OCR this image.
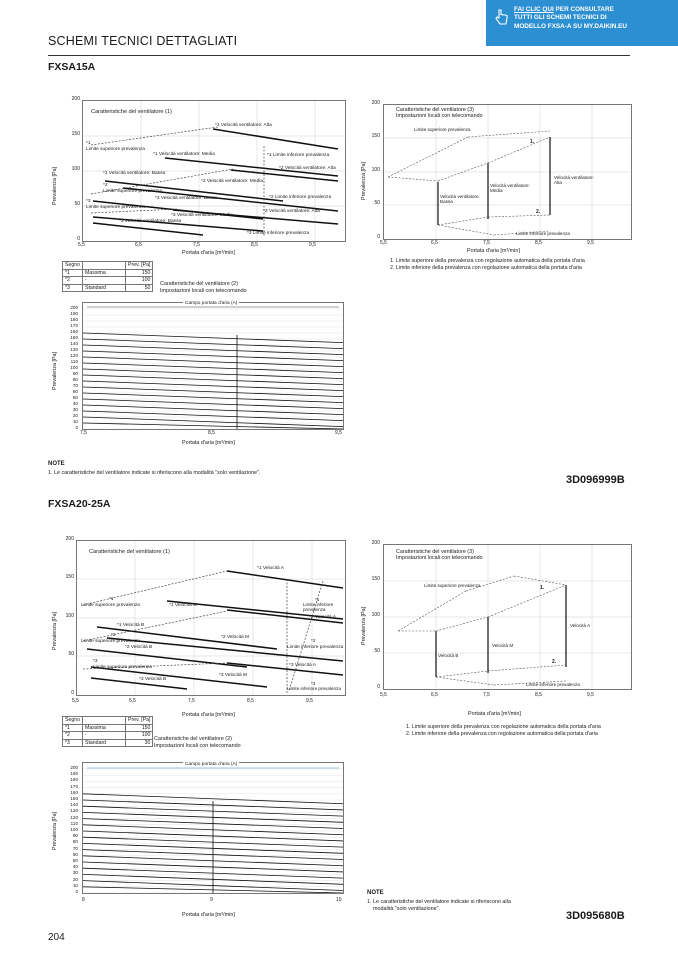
FAI CLIC QUI PER CONSULTARE
TUTTI GLI SCHEMI TECNICI DI
MODELLO FXSA-A SU MY.DAIKIN.EU
SCHEMI TECNICI DETTAGLIATI
FXSA15A
Caratteristiche del ventilatore (1)
*1 Velocità ventilatore: Alta
*1
Limite superiore prevalenza
*1 Velocità ventilatore: Media	*1 Limite inferiore prevalenza
*2 Velocità ventilatore: Alta
*1 Velocità ventilatore: Bassa
*2 Velocità ventilatore: Media
*2
Limite superiore prevalenza
*2 Velocità ventilatore: Bassa	*2 Limite inferiore prevalenza
*3
Limite superiore prevalenza
*3 Velocità ventilatore: Alta
*3 Velocità ventilatore: Media
*3 Velocità ventilatore: Bassa
*3 Limite inferiore prevalenza
200
150
100
50
0
Prevalenza [Pa]
5,5	6,5	7,5	8,5	9,5
Portata d'aria [m³/min]
Segno		Prev. [Pa]
*1	Massima	150
*2	-	100
*3	Standard	50
Caratteristiche del ventilatore (2)
Impostazioni locali con telecomando
Campo portata d'aria (A)
200
190
180
170
160
150
140
130
120
110
100
90
80
70
60
50
40
30
20
10
0
Prevalenza [Pa]
7,5	8,5	9,5
Portata d'aria [m³/min]
Caratteristiche del ventilatore (3)
Impostazioni locali con telecomando
Limite superiore prevalenza
1.
Velocità ventilatore:
Bassa
Velocità ventilatore:
Media
Velocità ventilatore:
Alta
2.
Limite inferiore prevalenza
200
150
100
50
0
Prevalenza [Pa]
5,5	6,5	7,5	8,5	9,5
Portata d'aria [m³/min]
1. Limite superiore della prevalenza con regolazione automatica della portata d'aria
2. Limite inferiore della prevalenza con regolazione automatica della portata d'aria
NOTE
1. Le caratteristiche del ventilatore indicate si riferiscono alla modalità "solo ventilazione".
3D096999B
FXSA20-25A
Caratteristiche del ventilatore (1)
*1 Velocità A
*1
Limite superiore prevalenza	*1 Velocità M
*1
Limite inferiore
prevalenza
*2 Velocità A
*1 Velocità B
*2 Velocità M
*2
Limite superiore prevalenza
*2 Velocità B
*2
Limite inferiore prevalenza
*3
Limite superiore prevalenza	*3 Velocità A
*3 Velocità M
*3 Velocità B
*3
Limite inferiore prevalenza
200
150
100
50
0
Prevalenza [Pa]
5,5	6,5	7,5	8,5	9,5
Portata d'aria [m³/min]
Segno		Prev. [Pa]
*1	Massima	150
*2	-	100
*3	Standard	30
Caratteristiche del ventilatore (2)
Impostazioni locali con telecomando
Campo portata d'aria (A)
200
190
180
170
160
150
140
130
120
110
100
90
80
70
60
50
40
30
20
10
0
Prevalenza [Pa]
8	9	10
Portata d'aria [m³/min]
Caratteristiche del ventilatore (3)
Impostazioni locali con telecomando
Limite superiore prevalenza	1.
Velocità A
Velocità M
Velocità B
2.
Limite inferiore prevalenza
200
150
100
50
0
Prevalenza [Pa]
5,5	6,5	7,5	8,5	9,5
Portata d'aria [m³/min]
1. Limite superiore della prevalenza con regolazione automatica della portata d'aria
2. Limite inferiore della prevalenza con regolazione automatica della portata d'aria
NOTE
1. Le caratteristiche del ventilatore indicate si riferiscono alla
modalità "solo ventilazione".
3D095680B
204
